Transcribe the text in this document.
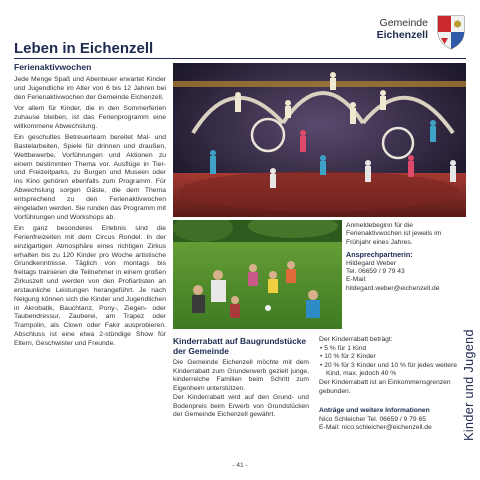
Leben in Eichenzell
Gemeinde
Eichenzell
Ferienaktivwochen

Jede Menge Spaß und Abenteuer erwartet Kinder und Jugendliche im Alter von 6 bis 12 Jahren bei den Ferienaktivwochen der Gemeinde Eichenzell.

Vor allem für Kinder, die in den Sommerferien zuhause bleiben, ist das Ferienprogramm eine willkommene Abwechslung.

Ein geschultes Betreuerteam bereitet Mal- und Bastelarbeiten, Spiele für drinnen und draußen, Wettbewerbe, Vorführungen und Aktionen zu einem bestimmten Thema vor. Ausflüge in Tier- und Freizeitparks, zu Burgen und Museen oder ins Kino gehören ebenfalls zum Programm. Für Abwechslung sorgen Gäste, die dem Thema entsprechend zu den Ferienaktivwochen eingeladen werden. Sie runden das Programm mit Vorführungen und Workshops ab.

Ein ganz besonderes Erlebnis sind die Ferienfreizeiten mit dem Circus Rondel. In der einzigartigen Atmosphäre eines richtigen Zirkus erhalten bis zu 120 Kinder pro Woche artistische Grundkenntnisse. Täglich von montags bis freitags trainieren die Teilnehmer in einem großen Zirkuszelt und werden von den Profiartisten an erstaunliche Leistungen herangeführt. Je nach Neigung können sich die Kinder und Jugendlichen in Akrobatik, Bauchtanz, Pony-, Ziegen- oder Taubendressur, Zauberei, am Trapez oder Trampolin, als Clown oder Fakir ausprobieren. Abschluss ist eine etwa 2-stündige Show für Eltern, Geschwister und Freunde.

Anmeldebeginn für die Ferienaktivwochen ist jeweils im Frühjahr eines Jahres.
Ansprechpartnerin:
Hildegard Weber
Tel. 06659 / 9 79 43
E-Mail: hildegard.weber@eichenzell.de
Kinderrabatt auf Baugrundstücke der Gemeinde

Die Gemeinde Eichenzell möchte mit dem Kinderrabatt zum Grunderwerb gezielt junge, kinderreiche Familien beim Schritt zum Eigenheim unterstützen.

Der Kinderrabatt wird auf den Grund- und Bodenpreis beim Erwerb von Grundstücken der Gemeinde Eichenzell gewährt.

Der Kinderrabatt beträgt:
• 5 % für 1 Kind
• 10 % für 2 Kinder
• 20 % für 3 Kinder und 10 % für jedes weitere Kind, max. jedoch 40 %
Der Kinderrabatt ist an Einkommensgrenzen gebunden.
Anträge und weitere Informationen
Nico Schleicher Tel. 06659 / 9 79 65
E-Mail: nico.schleicher@eichenzell.de	Kinder und Jugend
- 41 -
